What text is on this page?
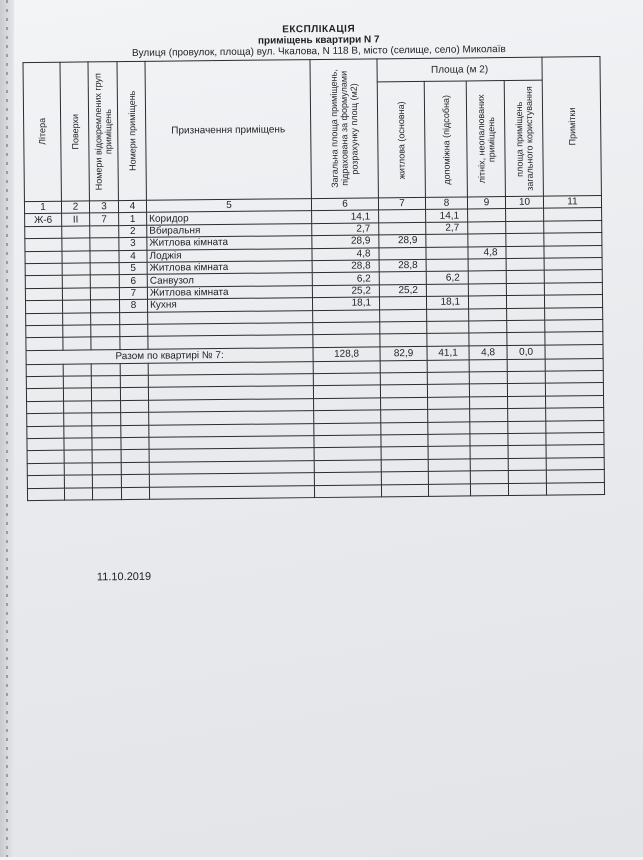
ЕКСПЛІКАЦІЯ
приміщень квартири N 7
Вулиця (провулок, площа) вул. Чкалова, N 118 В, місто (селище, село) Миколаїв
Літера	Поверхи	Номери відокремлених груп приміщень	Номери приміщень	Призначення приміщень	Загальна площа приміщень, підрахована за формулами розрахунку площ (м2)	Площа (м 2)				Примітки

						житлова (основна)	допоміжна (підсобна)	літніх, неопалюваних приміщень	площа приміщень загального користування	

1	2	3	4	5	6	7	8	9	10	11
Ж-6	II	7	1	Коридор	14,1		14,1			
			2	Вбиральня	2,7		2,7			
			3	Житлова кімната	28,9	28,9				
			4	Лоджія	4,8			4,8		
			5	Житлова кімната	28,8	28,8				
			6	Санвузол	6,2		6,2			
			7	Житлова кімната	25,2	25,2				
			8	Кухня	18,1		18,1			

Разом по квартирі № 7:					128,8	82,9	41,1	4,8	0,0	

11.10.2019
